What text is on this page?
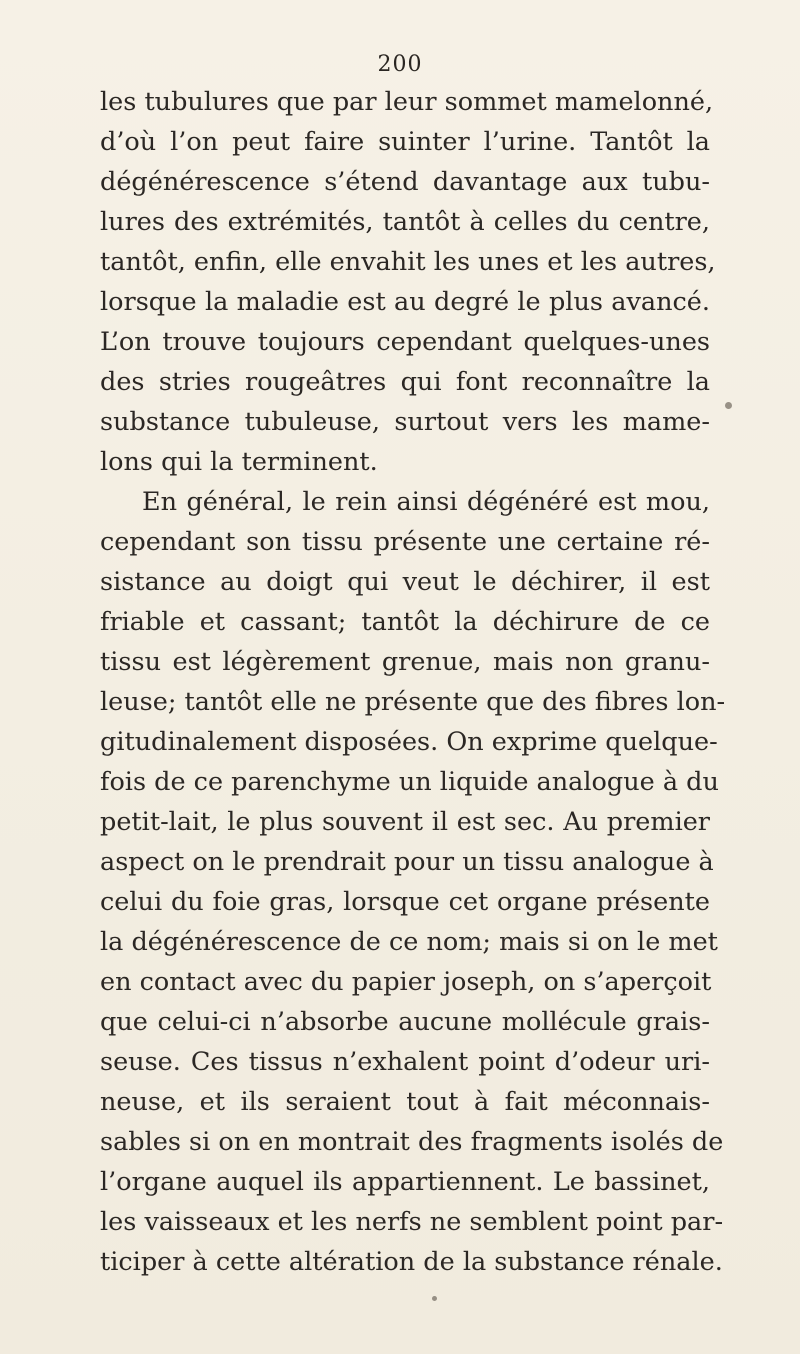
200
les tubulures que par leur sommet mamelonné,
d’où l’on peut faire suinter l’urine. Tantôt la
dégénérescence s’étend davantage aux tubu-
lures des extrémités, tantôt à celles du centre,
tantôt, enfin, elle envahit les unes et les autres,
lorsque la maladie est au degré le plus avancé.
L’on trouve toujours cependant quelques-unes
des stries rougeâtres qui font reconnaître la
substance tubuleuse, surtout vers les mame-
lons qui la terminent.
En général, le rein ainsi dégénéré est mou,
cependant son tissu présente une certaine ré-
sistance au doigt qui veut le déchirer, il est
friable et cassant; tantôt la déchirure de ce
tissu est légèrement grenue, mais non granu-
leuse; tantôt elle ne présente que des fibres lon-
gitudinalement disposées. On exprime quelque-
fois de ce parenchyme un liquide analogue à du
petit-lait, le plus souvent il est sec. Au premier
aspect on le prendrait pour un tissu analogue à
celui du foie gras, lorsque cet organe présente
la dégénérescence de ce nom; mais si on le met
en contact avec du papier joseph, on s’aperçoit
que celui-ci n’absorbe aucune mollécule grais-
seuse. Ces tissus n’exhalent point d’odeur uri-
neuse, et ils seraient tout à fait méconnais-
sables si on en montrait des fragments isolés de
l’organe auquel ils appartiennent. Le bassinet,
les vaisseaux et les nerfs ne semblent point par-
ticiper à cette altération de la substance rénale.
